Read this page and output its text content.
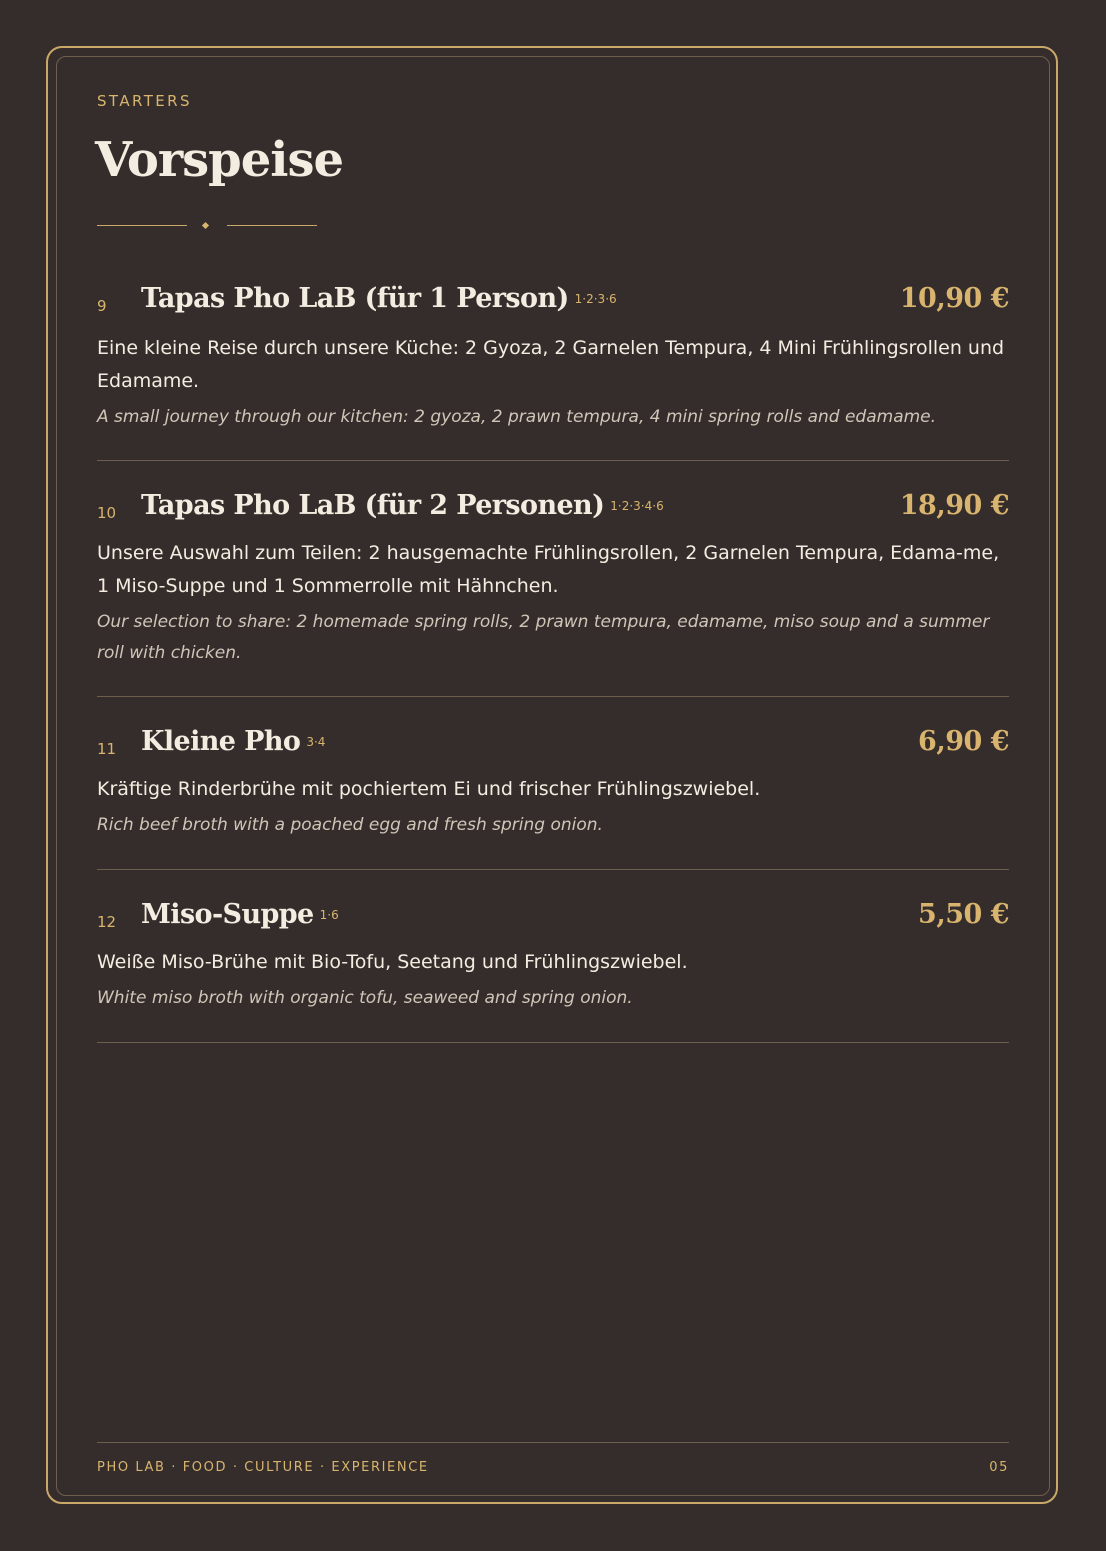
STARTERS

Vorspeise
9 Tapas Pho LaB (für 1 Person) $^{1\cdot 2\cdot 3\cdot 6}$	10,90 €

Eine kleine Reise durch unsere Küche: 2 Gyoza, 2 Garnelen Tempura, 4 Mini Frühlingsrollen und Edamame.

A small journey through our kitchen: 2 gyoza, 2 prawn tempura, 4 mini spring rolls and edamame.

10 Tapas Pho LaB (für 2 Personen) $^{1\cdot 2\cdot 3\cdot 4\cdot 6}$	18,90 €

Unsere Auswahl zum Teilen: 2 hausgemachte Frühlingsrollen, 2 Garnelen Tempura, Edama-me, 1 Miso-Suppe und 1 Sommerrolle mit Hähnchen.

Our selection to share: 2 homemade spring rolls, 2 prawn tempura, edamame, miso soup and a summer roll with chicken.

11 Kleine Pho $^{3\cdot 4}$	6,90 €

Kräftige Rinderbrühe mit pochiertem Ei und frischer Frühlingszwiebel.

Rich beef broth with a poached egg and fresh spring onion.

12 Miso-Suppe $^{1\cdot 6}$	5,50 €

Weiße Miso-Brühe mit Bio-Tofu, Seetang und Frühlingszwiebel.

White miso broth with organic tofu, seaweed and spring onion.

PHO LAB · FOOD · CULTURE · EXPERIENCE	05
